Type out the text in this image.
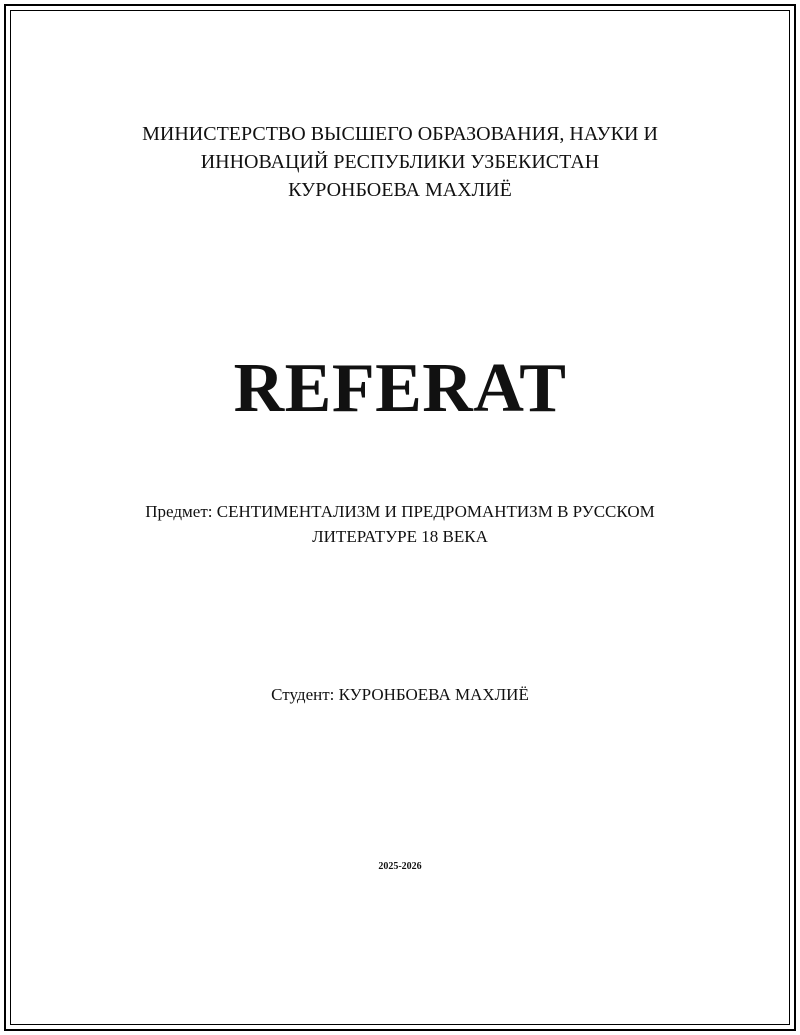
МИНИСТЕРСТВО ВЫСШЕГО ОБРАЗОВАНИЯ, НАУКИ И
ИННОВАЦИЙ РЕСПУБЛИКИ УЗБЕКИСТАН
КУРОНБОЕВА МАХЛИЁ
REFERAT
Предмет: СЕНТИМЕНТАЛИЗМ И ПРЕДРОМАНТИЗМ В РУССКОМ
ЛИТЕРАТУРЕ 18 ВЕКА
Студент: КУРОНБОЕВА МАХЛИЁ
2025-2026
